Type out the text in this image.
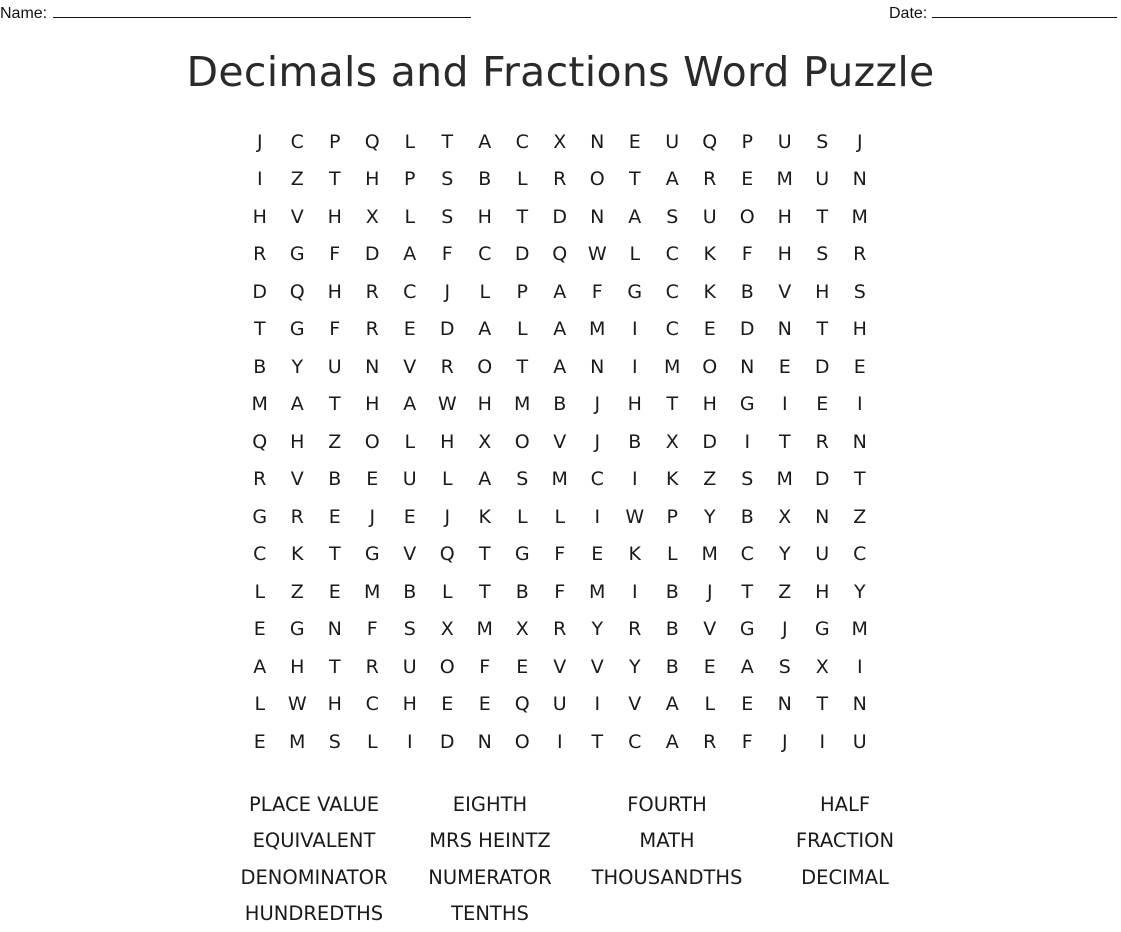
Name:	Date:
Decimals and Fractions Word Puzzle
J	C	P	Q	L	T	A	C	X	N	E	U	Q	P	U	S	J
I	Z	T	H	P	S	B	L	R	O	T	A	R	E	M	U	N
H	V	H	X	L	S	H	T	D	N	A	S	U	O	H	T	M
R	G	F	D	A	F	C	D	Q	W	L	C	K	F	H	S	R
D	Q	H	R	C	J	L	P	A	F	G	C	K	B	V	H	S
T	G	F	R	E	D	A	L	A	M	I	C	E	D	N	T	H
B	Y	U	N	V	R	O	T	A	N	I	M	O	N	E	D	E
M	A	T	H	A	W	H	M	B	J	H	T	H	G	I	E	I
Q	H	Z	O	L	H	X	O	V	J	B	X	D	I	T	R	N
R	V	B	E	U	L	A	S	M	C	I	K	Z	S	M	D	T
G	R	E	J	E	J	K	L	L	I	W	P	Y	B	X	N	Z
C	K	T	G	V	Q	T	G	F	E	K	L	M	C	Y	U	C
L	Z	E	M	B	L	T	B	F	M	I	B	J	T	Z	H	Y
E	G	N	F	S	X	M	X	R	Y	R	B	V	G	J	G	M
A	H	T	R	U	O	F	E	V	V	Y	B	E	A	S	X	I
L	W	H	C	H	E	E	Q	U	I	V	A	L	E	N	T	N
E	M	S	L	I	D	N	O	I	T	C	A	R	F	J	I	U
PLACE VALUE	EIGHTH	FOURTH	HALF
EQUIVALENT	MRS HEINTZ	MATH	FRACTION
DENOMINATOR	NUMERATOR	THOUSANDTHS	DECIMAL
HUNDREDTHS	TENTHS
